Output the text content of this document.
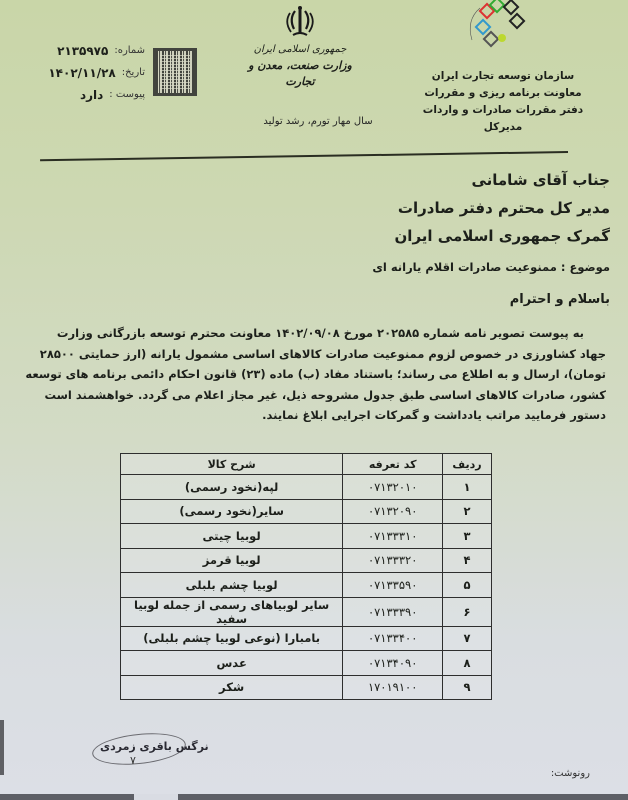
شماره:
۲۱۳۵۹۷۵
تاریخ:
۱۴۰۲/۱۱/۲۸
پیوست :
دارد
جمهوری اسلامی ایران
وزارت صنعت، معدن و تجارت
سال مهار تورم، رشد تولید
سازمان توسعه تجارت ایران
معاونت برنامه ریزی و مقررات
دفتر مقررات صادرات و واردات
مدیرکل
جناب آقای شامانی
مدیر کل محترم دفتر صادرات
گمرک جمهوری اسلامی ایران
موضوع : ممنوعیت صادرات اقلام یارانه ای
باسلام و احترام
به پیوست تصویر نامه شماره ۲۰۲۵۸۵ مورخ ۱۴۰۲/۰۹/۰۸ معاونت محترم توسعه بازرگانی وزارت
جهاد کشاورزی در خصوص لزوم ممنوعیت صادرات کالاهای اساسی مشمول یارانه (ارز حمایتی ۲۸۵۰۰
تومان)، ارسال و به اطلاع می رساند؛ باستناد مفاد (ب) ماده (۲۳) قانون احکام دائمی برنامه های توسعه
کشور، صادرات کالاهای اساسی طبق جدول مشروحه ذیل، غیر مجاز اعلام می گردد. خواهشمند است
دستور فرمایید مراتب یادداشت و گمرکات اجرایی ابلاغ نمایند.
ردیف	کد تعرفه	شرح کالا
۱	۰۷۱۳۲۰۱۰	لپه(نخود رسمی)
۲	۰۷۱۳۲۰۹۰	سایر(نخود رسمی)
۳	۰۷۱۳۳۳۱۰	لوبیا چیتی
۴	۰۷۱۳۳۳۲۰	لوبیا قرمز
۵	۰۷۱۳۳۵۹۰	لوبیا چشم بلبلی
۶	۰۷۱۳۳۳۹۰	سایر لوبیاهای رسمی از جمله لوبیا سفید
۷	۰۷۱۳۳۴۰۰	بامبارا (نوعی لوبیا چشم بلبلی)
۸	۰۷۱۳۴۰۹۰	عدس
۹	۱۷۰۱۹۱۰۰	شکر
نرگس باقری زمردی
۷
رونوشت:
